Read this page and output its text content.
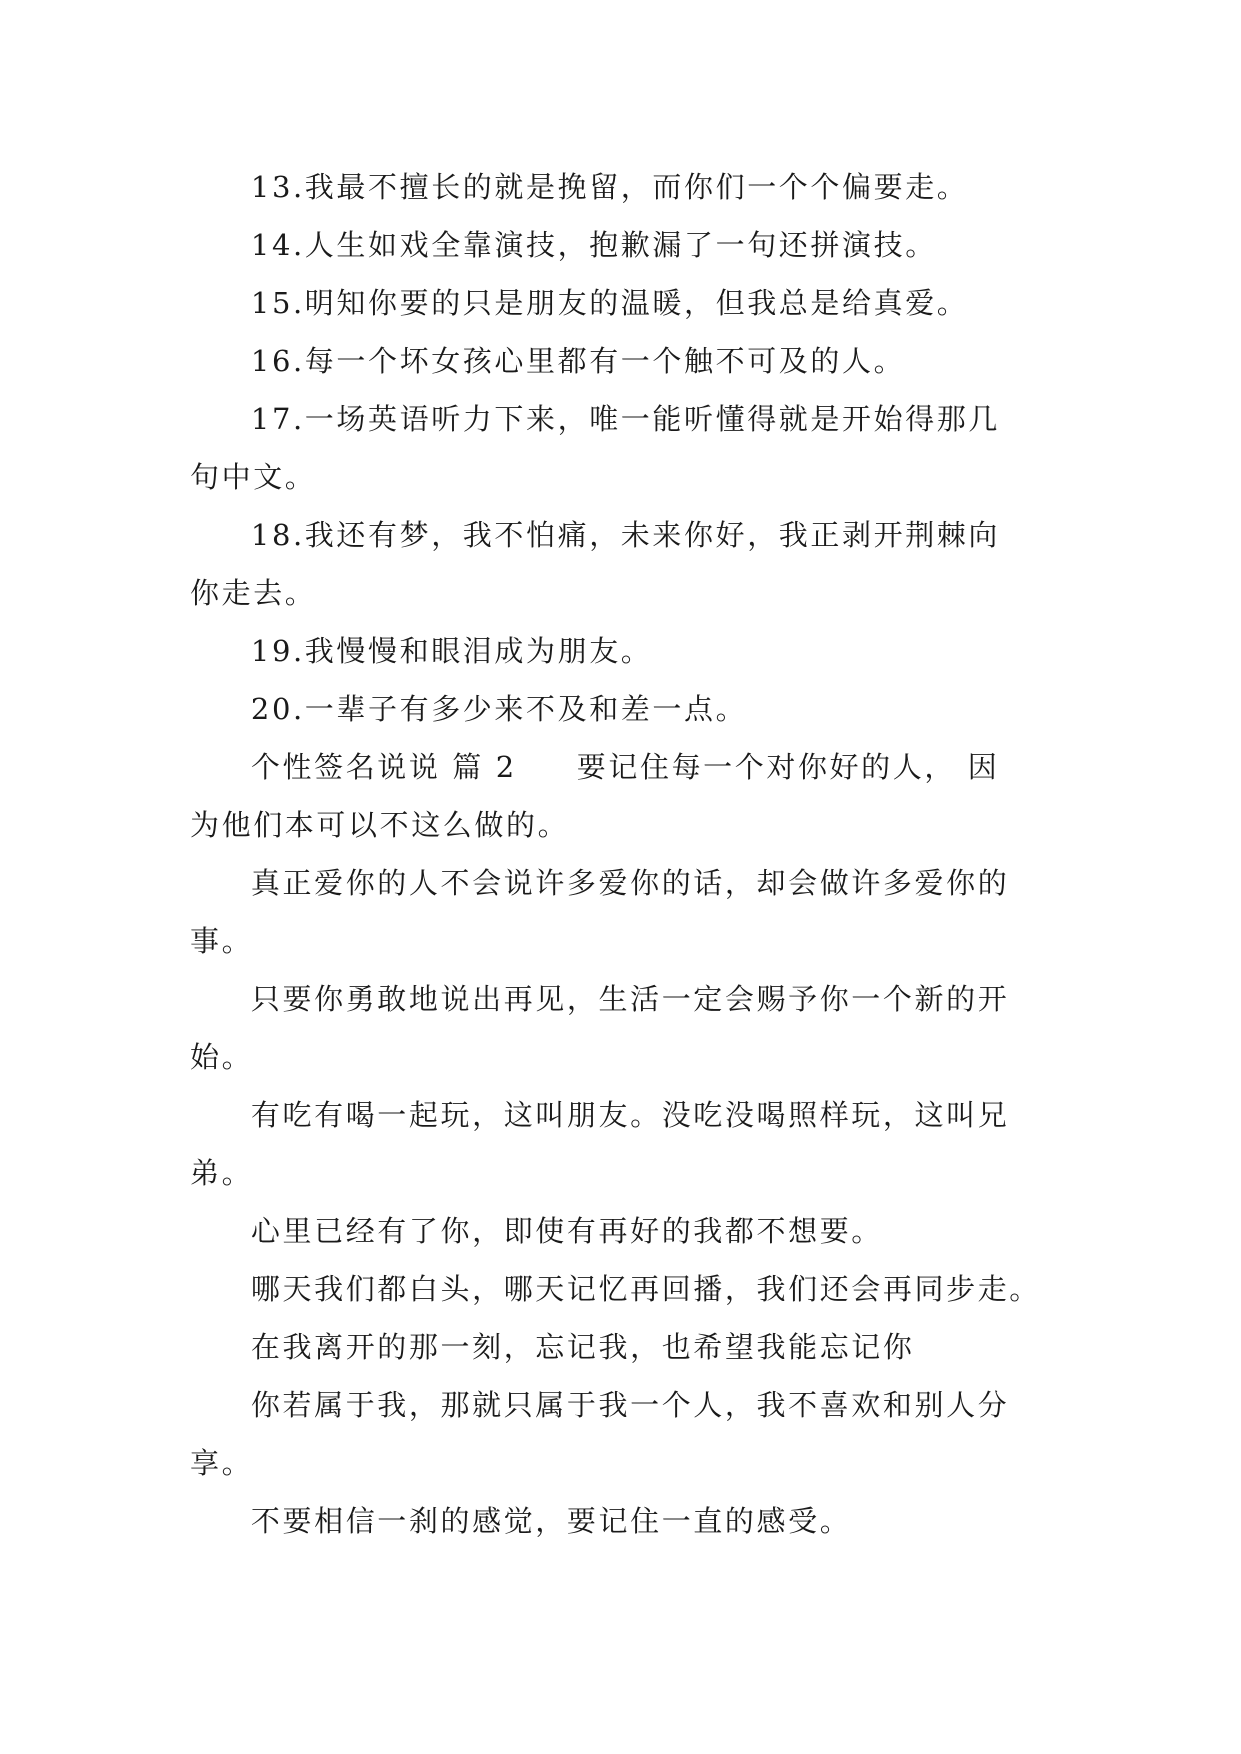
13.我最不擅长的就是挽留，而你们一个个偏要走。

14.人生如戏全靠演技，抱歉漏了一句还拼演技。

15.明知你要的只是朋友的温暖，但我总是给真爱。

16.每一个坏女孩心里都有一个触不可及的人。

17.一场英语听力下来，唯一能听懂得就是开始得那几
句中文。

18.我还有梦，我不怕痛，未来你好，我正剥开荆棘向
你走去。

19.我慢慢和眼泪成为朋友。

20.一辈子有多少来不及和差一点。

个性签名说说 篇 2 要记住每一个对你好的人， 因
为他们本可以不这么做的。

真正爱你的人不会说许多爱你的话，却会做许多爱你的
事。

只要你勇敢地说出再见，生活一定会赐予你一个新的开
始。

有吃有喝一起玩，这叫朋友。没吃没喝照样玩，这叫兄
弟。

心里已经有了你，即使有再好的我都不想要。

哪天我们都白头，哪天记忆再回播，我们还会再同步走。

在我离开的那一刻，忘记我，也希望我能忘记你

你若属于我，那就只属于我一个人，我不喜欢和别人分
享。

不要相信一刹的感觉，要记住一直的感受。
